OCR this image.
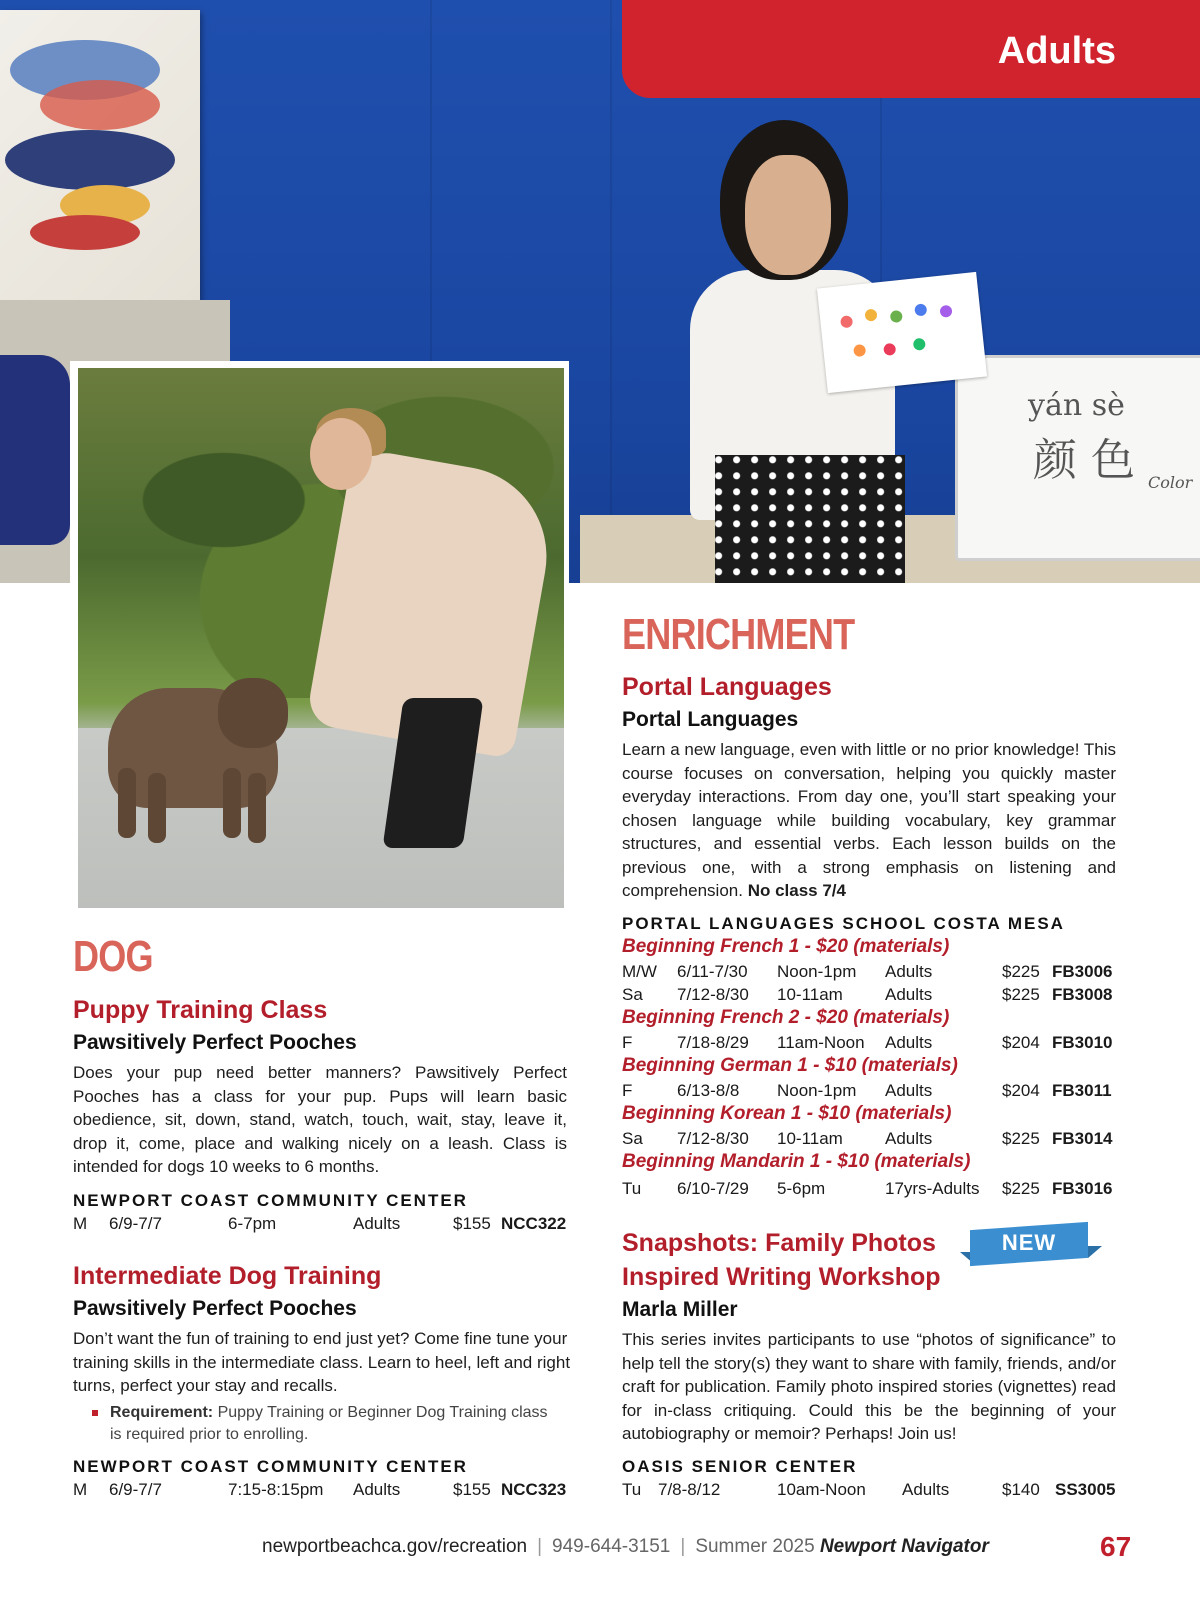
yán sè
颜 色 Color
Adults
DOG
Puppy Training Class
Pawsitively Perfect Pooches
Does your pup need better manners? Pawsitively Perfect Pooches has a class for your pup. Pups will learn basic obedience, sit, down, stand, watch, touch, wait, stay, leave it, drop it, come, place and walking nicely on a leash. Class is intended for dogs 10 weeks to 6 months.
NEWPORT COAST COMMUNITY CENTER
M 6/9-7/7	6-7pm	Adults	$155 NCC322
Intermediate Dog Training
Pawsitively Perfect Pooches
Don’t want the fun of training to end just yet? Come fine tune your training skills in the intermediate class. Learn to heel, left and right turns, perfect your stay and recalls.
Requirement: Puppy Training or Beginner Dog Training class is required prior to enrolling.
NEWPORT COAST COMMUNITY CENTER
M 6/9-7/7	7:15-8:15pm Adults	$155 NCC323
ENRICHMENT
Portal Languages
Portal Languages
Learn a new language, even with little or no prior knowledge! This course focuses on conversation, helping you quickly master everyday interactions. From day one, you’ll start speaking your chosen language while building vocabulary, key grammar structures, and essential verbs. Each lesson builds on the previous one, with a strong emphasis on listening and comprehension. No class 7/4
PORTAL LANGUAGES SCHOOL COSTA MESA
Beginning French 1 - $20 (materials)
M/W 6/11-7/30 Noon-1pm Adults	$225 FB3006
Sa 7/12-8/30 10-11am Adults	$225 FB3008
Beginning French 2 - $20 (materials)
F	7/18-8/29 11am-Noon Adults	$204 FB3010
Beginning German 1 - $10 (materials)
F	6/13-8/8 Noon-1pm Adults	$204 FB3011
Beginning Korean 1 - $10 (materials)
Sa 7/12-8/30 10-11am Adults	$225 FB3014
Beginning Mandarin 1 - $10 (materials)
Tu 6/10-7/29 5-6pm	17yrs-Adults $225 FB3016
Snapshots: Family Photos
Inspired Writing Workshop
NEW
Marla Miller
This series invites participants to use “photos of significance” to help tell the story(s) they want to share with family, friends, and/or craft for publication. Family photo inspired stories (vignettes) read for in-class critiquing. Could this be the beginning of your autobiography or memoir? Perhaps! Join us!
OASIS SENIOR CENTER
Tu 7/8-8/12	10am-Noon Adults	$140 SS3005
newportbeachca.gov/recreation | 949-644-3151 | Summer 2025 Newport Navigator	67
